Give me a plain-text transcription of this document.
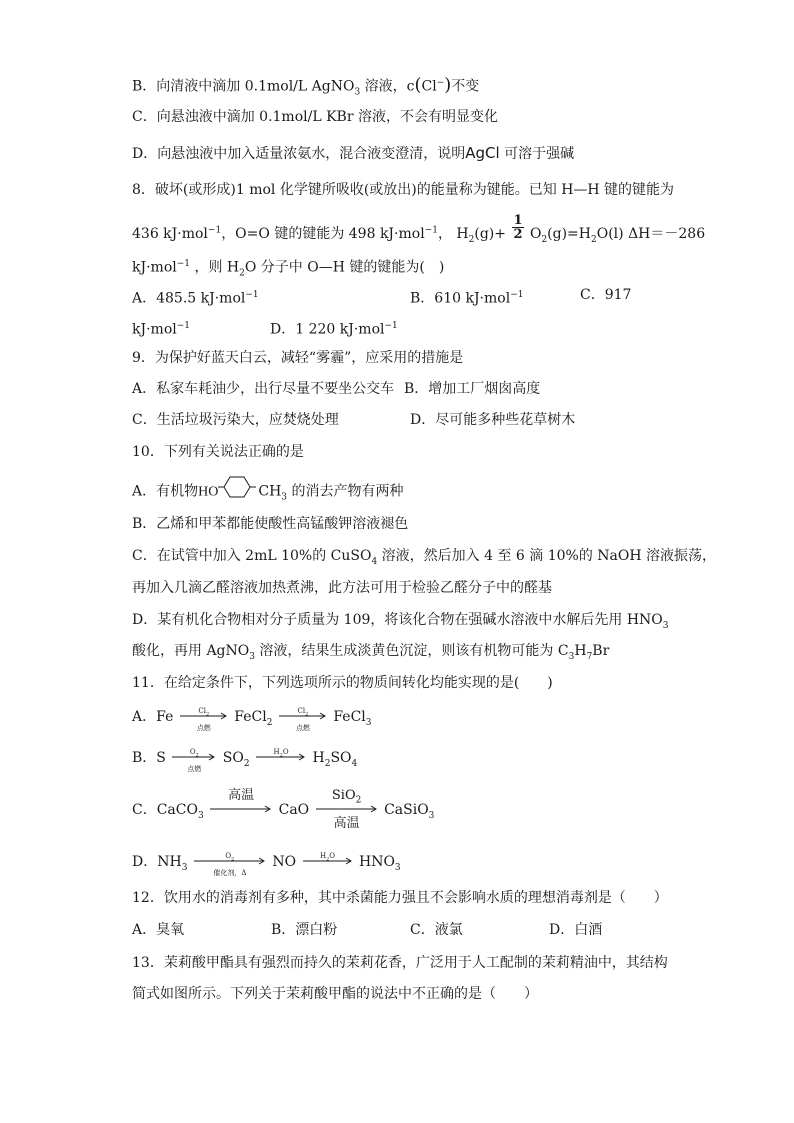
B．向清液中滴加 0.1mol/L AgNO$_3$ 溶液，c(Cl−)不变
C．向悬浊液中滴加 0.1mol/L KBr 溶液，不会有明显变化
D．向悬浊液中加入适量浓氨水，混合液变澄清，说明AgCl 可溶于强碱
8．破坏(或形成)1 mol 化学键所吸收(或放出)的能量称为键能。已知 H—H 键的键能为
436 kJ·mol$^{-1}$，O=O 键的键能为 498 kJ·mol$^{-1}$， $H_2(g)+ \frac{1}{2} O_2(g)=H_2O(l)$ ΔH＝－286
kJ·mol$^{-1}$ ，则 $H_2O$ 分子中 O—H 键的键能为(　)
A．485.5 kJ·mol$^{-1}$	B．610 kJ·mol$^{-1}$	C．917
kJ·mol$^{-1}$	D．1 220 kJ·mol$^{-1}$
9．为保护好蓝天白云，减轻“雾霾”，应采用的措施是
A．私家车耗油少，出行尽量不要坐公交车 B．增加工厂烟囱高度
C．生活垃圾污染大，应焚烧处理	D．尽可能多种些花草树木
10．下列有关说法正确的是
A．有机物HO	$CH_3$ 的消去产物有两种
B．乙烯和甲苯都能使酸性高锰酸钾溶液褪色
C．在试管中加入 2mL 10%的 CuSO$_4$ 溶液，然后加入 4 至 6 滴 10%的 NaOH 溶液振荡，
再加入几滴乙醛溶液加热煮沸，此方法可用于检验乙醛分子中的醛基
D．某有机化合物相对分子质量为 109，将该化合物在强碱水溶液中水解后先用 $HNO_3$
酸化，再用 AgNO$_3$ 溶液，结果生成淡黄色沉淀，则该有机物可能为 $C_3H_7Br$
11．在给定条件下，下列选项所示的物质间转化均能实现的是(　　)
A．Fe	$Cl_2$
点燃
FeCl$_2$
$Cl_2$
点燃
FeCl$_3$
B．S	$O_2$
点燃
$SO_2$
$H_2O$	$H_2SO_4$
C．CaCO$_3$
高温
CaO
SiO$_2$
高温
CaSiO$_3$
D．$NH_3$
$O_2$
催化剂，Δ
NO	$H_2O$	$HNO_3$
12．饮用水的消毒剂有多种，其中杀菌能力强且不会影响水质的理想消毒剂是（　　）
A．臭氧	B．漂白粉	C．液氯	D．白酒
13．茉莉酸甲酯具有强烈而持久的茉莉花香，广泛用于人工配制的茉莉精油中，其结构
简式如图所示。下列关于茉莉酸甲酯的说法中不正确的是（　　）
